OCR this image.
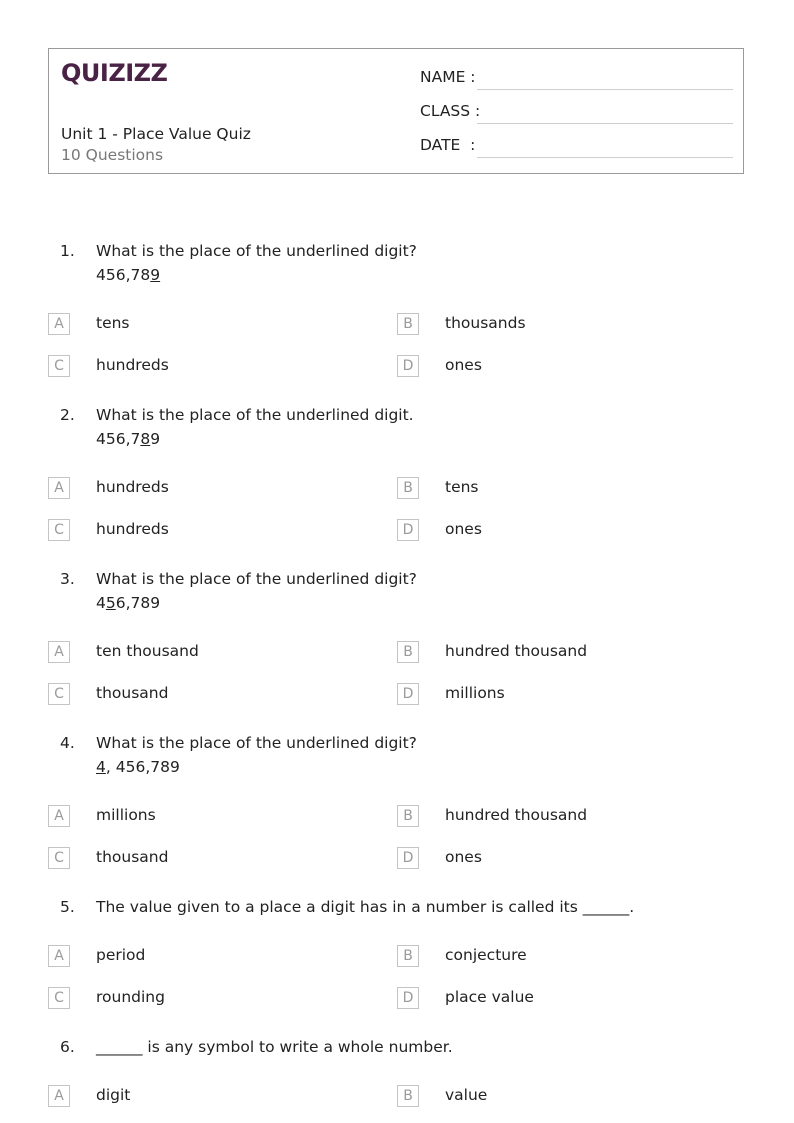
QUIZIZZ
Unit 1 - Place Value Quiz
10 Questions
NAME :
CLASS :
DATE  :
1. What is the place of the underlined digit?
456,789
A	tens	B	thousands
C	hundreds	D	ones
2. What is the place of the underlined digit.
456,789
A	hundreds	B	tens
C	hundreds	D	ones
3. What is the place of the underlined digit?
456,789
A	ten thousand	B	hundred thousand
C	thousand	D	millions
4. What is the place of the underlined digit?
4, 456,789
A	millions	B	hundred thousand
C	thousand	D	ones
5. The value given to a place a digit has in a number is called its ______.
A	period	B	conjecture
C	rounding	D	place value
6. ______ is any symbol to write a whole number.
A	digit	B	value
